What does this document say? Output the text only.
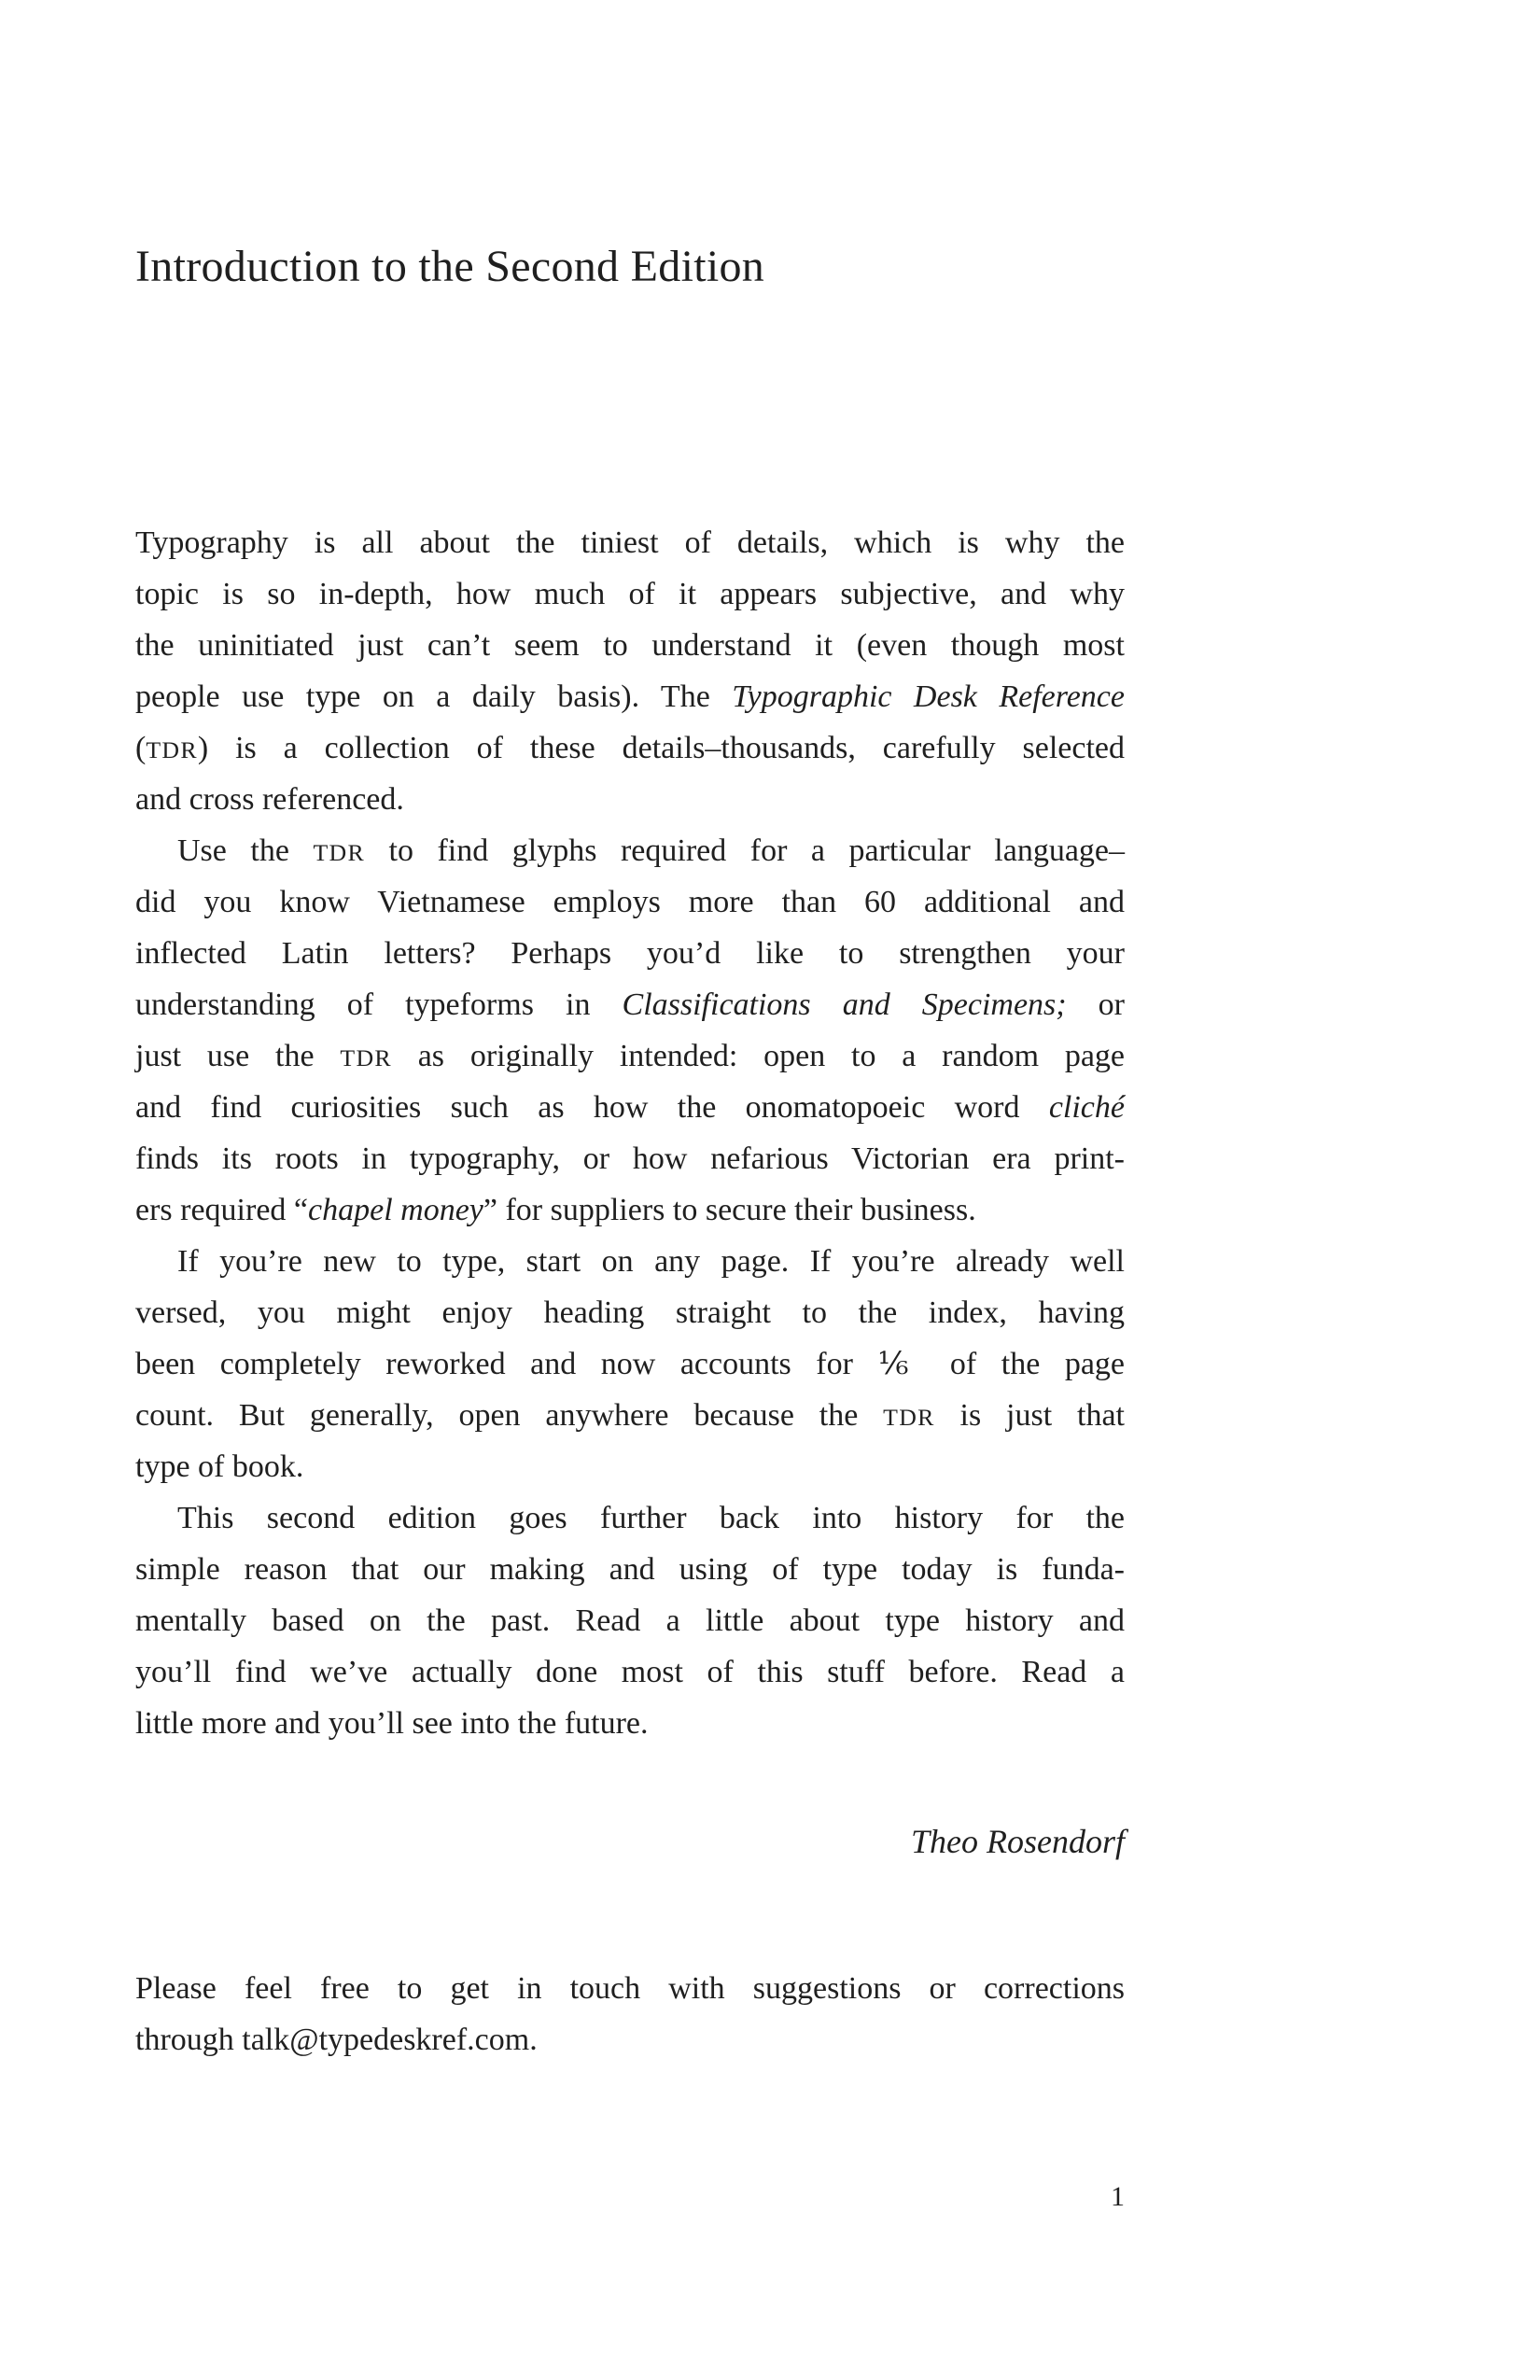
Introduction to the Second Edition
Typography is all about the tiniest of details, which is why the
topic is so in-depth, how much of it appears subjective, and why
the uninitiated just can’t seem to understand it (even though most
people use type on a daily basis). The Typographic Desk Reference
(TDR) is a collection of these details–thousands, carefully selected
and cross referenced.
Use the TDR to find glyphs required for a particular language–
did you know Vietnamese employs more than 60 additional and
inflected Latin letters? Perhaps you’d like to strengthen your
understanding of typeforms in Classifications and Specimens; or
just use the TDR as originally intended: open to a random page
and find curiosities such as how the onomatopoeic word cliché
finds its roots in typography, or how nefarious Victorian era print-
ers required “chapel money” for suppliers to secure their business.
If you’re new to type, start on any page. If you’re already well
versed, you might enjoy heading straight to the index, having
been completely reworked and now accounts for ⅙ of the page
count. But generally, open anywhere because the TDR is just that
type of book.
This second edition goes further back into history for the
simple reason that our making and using of type today is funda-
mentally based on the past. Read a little about type history and
you’ll find we’ve actually done most of this stuff before. Read a
little more and you’ll see into the future.
Theo Rosendorf
Please feel free to get in touch with suggestions or corrections
through talk@typedeskref.com.
1
